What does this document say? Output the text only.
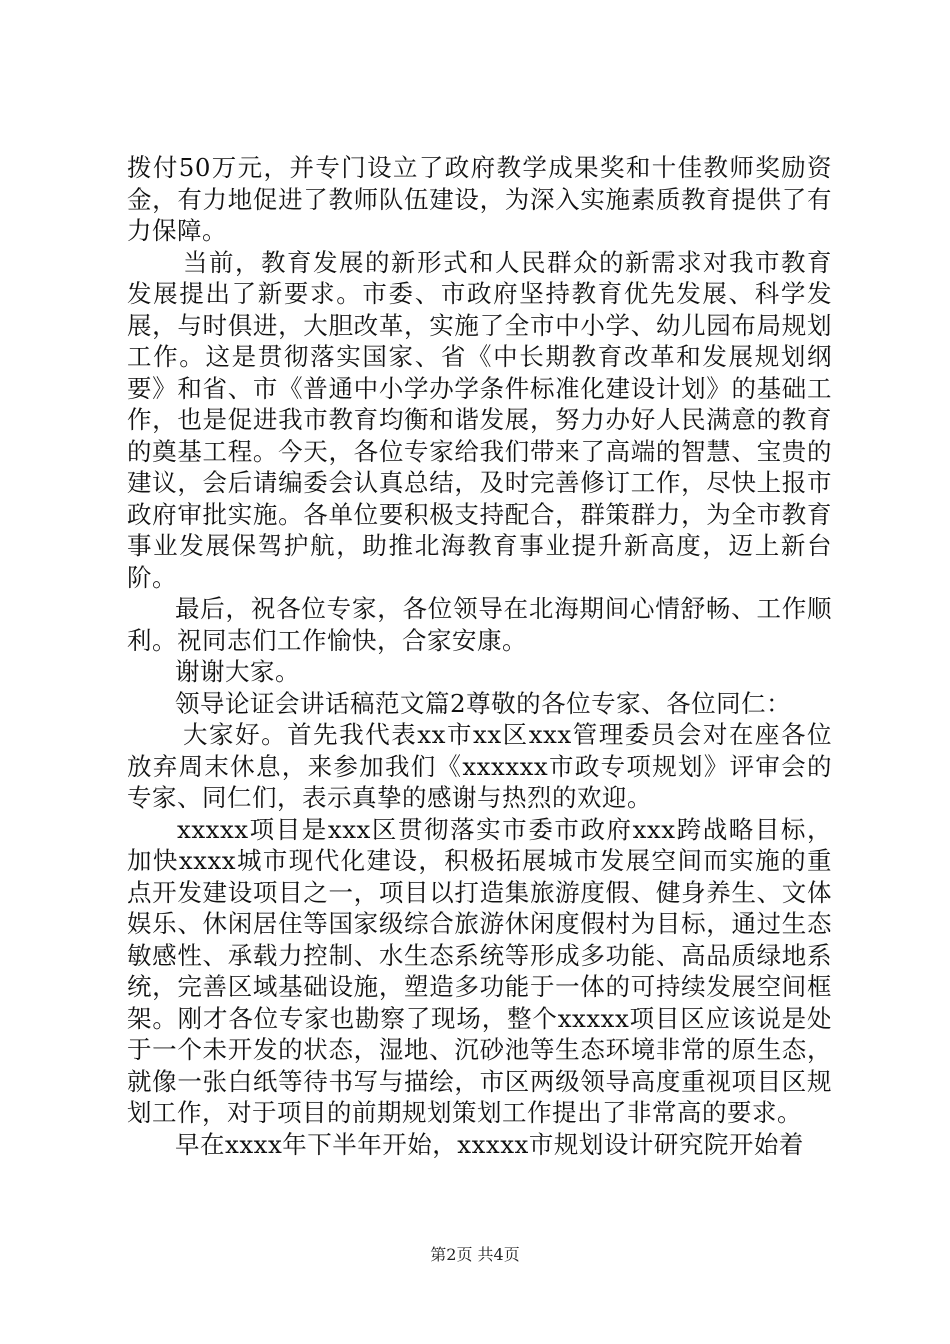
拨付50万元，并专门设立了政府教学成果奖和十佳教师奖励资金，有力地促进了教师队伍建设，为深入实施素质教育提供了有力保障。

当前，教育发展的新形式和人民群众的新需求对我市教育发展提出了新要求。市委、市政府坚持教育优先发展、科学发展，与时俱进，大胆改革，实施了全市中小学、幼儿园布局规划工作。这是贯彻落实国家、省《中长期教育改革和发展规划纲要》和省、市《普通中小学办学条件标准化建设计划》的基础工作，也是促进我市教育均衡和谐发展，努力办好人民满意的教育的奠基工程。今天，各位专家给我们带来了高端的智慧、宝贵的建议，会后请编委会认真总结，及时完善修订工作，尽快上报市政府审批实施。各单位要积极支持配合，群策群力，为全市教育事业发展保驾护航，助推北海教育事业提升新高度，迈上新台阶。

最后，祝各位专家，各位领导在北海期间心情舒畅、工作顺利。祝同志们工作愉快，合家安康。

谢谢大家。

领导论证会讲话稿范文篇2尊敬的各位专家、各位同仁：

大家好。首先我代表xx市xx区xxx管理委员会对在座各位放弃周末休息，来参加我们《xxxxxx市政专项规划》评审会的专家、同仁们，表示真挚的感谢与热烈的欢迎。

xxxxx项目是xxx区贯彻落实市委市政府xxx跨战略目标，加快xxxx城市现代化建设，积极拓展城市发展空间而实施的重点开发建设项目之一，项目以打造集旅游度假、健身养生、文体娱乐、休闲居住等国家级综合旅游休闲度假村为目标，通过生态敏感性、承载力控制、水生态系统等形成多功能、高品质绿地系统，完善区域基础设施，塑造多功能于一体的可持续发展空间框架。刚才各位专家也勘察了现场，整个xxxxx项目区应该说是处于一个未开发的状态，湿地、沉砂池等生态环境非常的原生态，就像一张白纸等待书写与描绘，市区两级领导高度重视项目区规划工作，对于项目的前期规划策划工作提出了非常高的要求。

早在xxxx年下半年开始，xxxxx市规划设计研究院开始着

第2页 共4页
